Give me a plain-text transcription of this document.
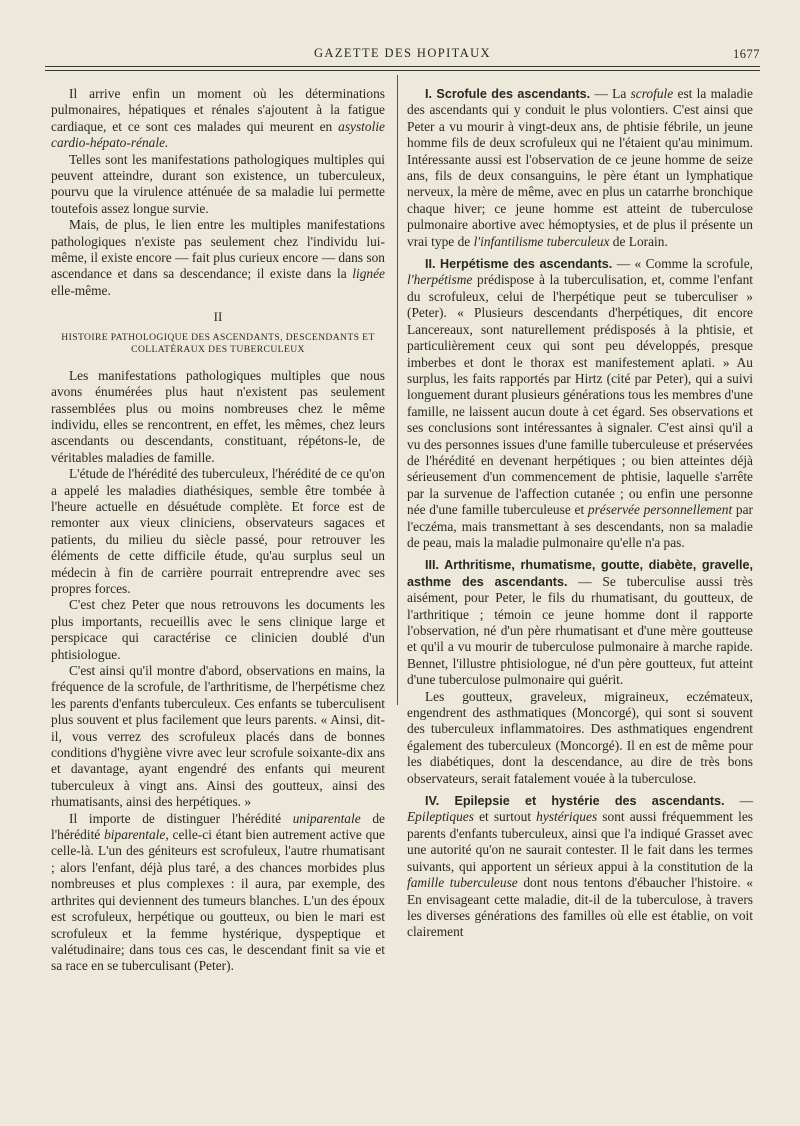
GAZETTE DES HOPITAUX	1677

Il arrive enfin un moment où les déterminations pulmonaires, hépatiques et rénales s'ajoutent à la fatigue cardiaque, et ce sont ces malades qui meurent en asystolie cardio-hépato-rénale.

Telles sont les manifestations pathologiques multiples qui peuvent atteindre, durant son existence, un tuberculeux, pourvu que la virulence atténuée de sa maladie lui permette toutefois assez longue survie.

Mais, de plus, le lien entre les multiples manifestations pathologiques n'existe pas seulement chez l'individu lui-même, il existe encore — fait plus curieux encore — dans son ascendance et dans sa descendance; il existe dans la lignée elle-même.

II
HISTOIRE PATHOLOGIQUE DES ASCENDANTS, DESCENDANTS ET COLLATÉRAUX DES TUBERCULEUX

Les manifestations pathologiques multiples que nous avons énumérées plus haut n'existent pas seulement rassemblées plus ou moins nombreuses chez le même individu, elles se rencontrent, en effet, les mêmes, chez leurs ascendants ou descendants, constituant, répétons-le, de véritables maladies de famille.

L'étude de l'hérédité des tuberculeux, l'hérédité de ce qu'on a appelé les maladies diathésiques, semble être tombée à l'heure actuelle en désuétude complète. Et force est de remonter aux vieux cliniciens, observateurs sagaces et patients, du milieu du siècle passé, pour retrouver les éléments de cette difficile étude, qu'au surplus seul un médecin à fin de carrière pourrait entreprendre avec ses propres forces.

C'est chez Peter que nous retrouvons les documents les plus importants, recueillis avec le sens clinique large et perspicace qui caractérise ce clinicien doublé d'un phtisiologue.

C'est ainsi qu'il montre d'abord, observations en mains, la fréquence de la scrofule, de l'arthritisme, de l'herpétisme chez les parents d'enfants tuberculeux. Ces enfants se tuberculisent plus souvent et plus facilement que leurs parents. « Ainsi, dit-il, vous verrez des scrofuleux placés dans de bonnes conditions d'hygiène vivre avec leur scrofule soixante-dix ans et davantage, ayant engendré des enfants qui meurent tuberculeux à vingt ans. Ainsi des goutteux, ainsi des rhumatisants, ainsi des herpétiques. »

Il importe de distinguer l'hérédité uniparentale de l'hérédité biparentale, celle-ci étant bien autrement active que celle-là. L'un des géniteurs est scrofuleux, l'autre rhumatisant ; alors l'enfant, déjà plus taré, a des chances morbides plus nombreuses et plus complexes : il aura, par exemple, des arthrites qui deviennent des tumeurs blanches. L'un des époux est scrofuleux, herpétique ou goutteux, ou bien le mari est scrofuleux et la femme hystérique, dyspeptique et valétudinaire; dans tous ces cas, le descendant finit sa vie et sa race en se tuberculisant (Peter).

I. Scrofule des ascendants. — La scrofule est la maladie des ascendants qui y conduit le plus volontiers. C'est ainsi que Peter a vu mourir à vingt-deux ans, de phtisie fébrile, un jeune homme fils de deux scrofuleux qui ne l'étaient qu'au minimum. Intéressante aussi est l'observation de ce jeune homme de seize ans, fils de deux consanguins, le père étant un lymphatique nerveux, la mère de même, avec en plus un catarrhe bronchique chaque hiver; ce jeune homme est atteint de tuberculose pulmonaire abortive avec hémoptysies, et de plus il présente un vrai type de l'infantilisme tuberculeux de Lorain.

II. Herpétisme des ascendants. — « Comme la scrofule, l'herpétisme prédispose à la tuberculisation, et, comme l'enfant du scrofuleux, celui de l'herpétique peut se tuberculiser » (Peter). « Plusieurs descendants d'herpétiques, dit encore Lancereaux, sont naturellement prédisposés à la phtisie, et particulièrement ceux qui sont peu développés, presque imberbes et dont le thorax est manifestement aplati. » Au surplus, les faits rapportés par Hirtz (cité par Peter), qui a suivi longuement durant plusieurs générations tous les membres d'une famille, ne laissent aucun doute à cet égard. Ses observations et ses conclusions sont intéressantes à signaler. C'est ainsi qu'il a vu des personnes issues d'une famille tuberculeuse et préservées de l'hérédité en devenant herpétiques ; ou bien atteintes déjà sérieusement d'un commencement de phtisie, laquelle s'arrête par la survenue de l'affection cutanée ; ou enfin une personne née d'une famille tuberculeuse et préservée personnellement par l'eczéma, mais transmettant à ses descendants, non sa maladie de peau, mais la maladie pulmonaire qu'elle n'a pas.

III. Arthritisme, rhumatisme, goutte, diabète, gravelle, asthme des ascendants. — Se tuberculise aussi très aisément, pour Peter, le fils du rhumatisant, du goutteux, de l'arthritique ; témoin ce jeune homme dont il rapporte l'observation, né d'un père rhumatisant et d'une mère goutteuse et qu'il a vu mourir de tuberculose pulmonaire à marche rapide. Bennet, l'illustre phtisiologue, né d'un père goutteux, fut atteint d'une tuberculose pulmonaire qui guérit.

Les goutteux, graveleux, migraineux, eczémateux, engendrent des asthmatiques (Moncorgé), qui sont si souvent des tuberculeux inflammatoires. Des asthmatiques engendrent également des tuberculeux (Moncorgé). Il en est de même pour les diabétiques, dont la descendance, au dire de très bons observateurs, serait fatalement vouée à la tuberculose.

IV. Epilepsie et hystérie des ascendants. — Epileptiques et surtout hystériques sont aussi fréquemment les parents d'enfants tuberculeux, ainsi que l'a indiqué Grasset avec une autorité qu'on ne saurait contester. Il le fait dans les termes suivants, qui apportent un sérieux appui à la constitution de la famille tuberculeuse dont nous tentons d'ébaucher l'histoire. « En envisageant cette maladie, dit-il de la tuberculose, à travers les diverses générations des familles où elle est établie, on voit clairement
